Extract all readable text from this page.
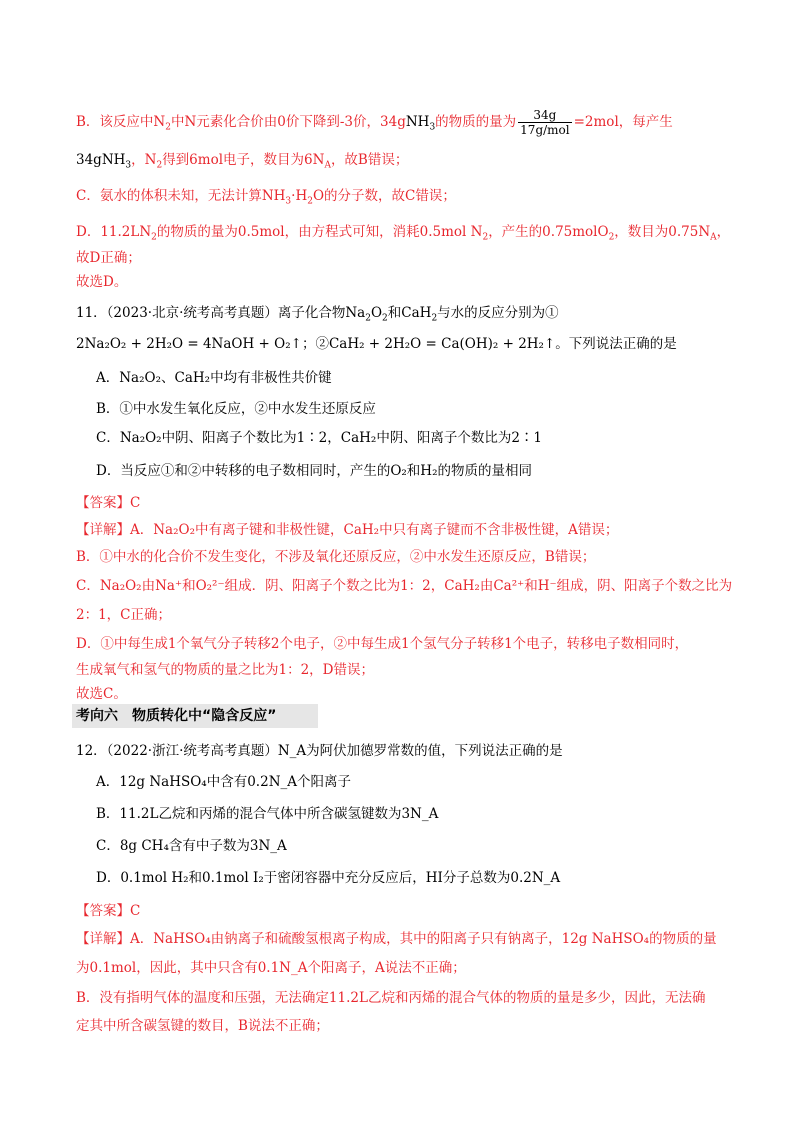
B．该反应中$N_2$中N元素化合价由0价下降到-3价，34gNH$_3$的物质的量为 $\frac{34g}{\text{17g/mol}} =2mol$，每产生
34gNH$_3$，$N_2$得到6mol电子，数目为$6N_A$，故B错误；
C．氨水的体积未知，无法计算$NH_3\cdot H_2O$的分子数，故C错误；
D．$11.2LN_2$的物质的量为0.5mol，由方程式可知，消耗0.5mol $N_2$，产生的0.75molO$_2$，数目为$0.75N_A$，
故D正确；
故选D。
11．（2023·北京·统考高考真题）离子化合物$Na_2O_2$和CaH$_2$与水的反应分别为①
2Na₂O₂ + 2H₂O = 4NaOH + O₂↑；②CaH₂ + 2H₂O = Ca(OH)₂ + 2H₂↑。下列说法正确的是
A．Na₂O₂、CaH₂中均有非极性共价键
B．①中水发生氧化反应，②中水发生还原反应
C．Na₂O₂中阴、阳离子个数比为1∶2，CaH₂中阴、阳离子个数比为2∶1
D．当反应①和②中转移的电子数相同时，产生的O₂和H₂的物质的量相同
【答案】C
【详解】A．Na₂O₂中有离子键和非极性键，CaH₂中只有离子键而不含非极性键，A错误；
B．①中水的化合价不发生变化，不涉及氧化还原反应，②中水发生还原反应，B错误；
C．Na₂O₂由Na⁺和O₂²⁻组成．阴、阳离子个数之比为1：2，CaH₂由Ca²⁺和H⁻组成，阴、阳离子个数之比为
2：1，C正确；
D．①中每生成1个氧气分子转移2个电子，②中每生成1个氢气分子转移1个电子，转移电子数相同时，
生成氧气和氢气的物质的量之比为1：2，D错误；
故选C。
考向六　物质转化中“隐含反应”
12．（2022·浙江·统考高考真题）N_A为阿伏加德罗常数的值，下列说法正确的是
A．12g NaHSO₄中含有0.2N_A个阳离子
B．11.2L乙烷和丙烯的混合气体中所含碳氢键数为3N_A
C．8g CH₄含有中子数为3N_A
D．0.1mol H₂和0.1mol I₂于密闭容器中充分反应后，HI分子总数为0.2N_A
【答案】C
【详解】A．NaHSO₄由钠离子和硫酸氢根离子构成，其中的阳离子只有钠离子，12g NaHSO₄的物质的量
为0.1mol，因此，其中只含有0.1N_A个阳离子，A说法不正确；
B．没有指明气体的温度和压强，无法确定11.2L乙烷和丙烯的混合气体的物质的量是多少，因此，无法确
定其中所含碳氢键的数目，B说法不正确；
